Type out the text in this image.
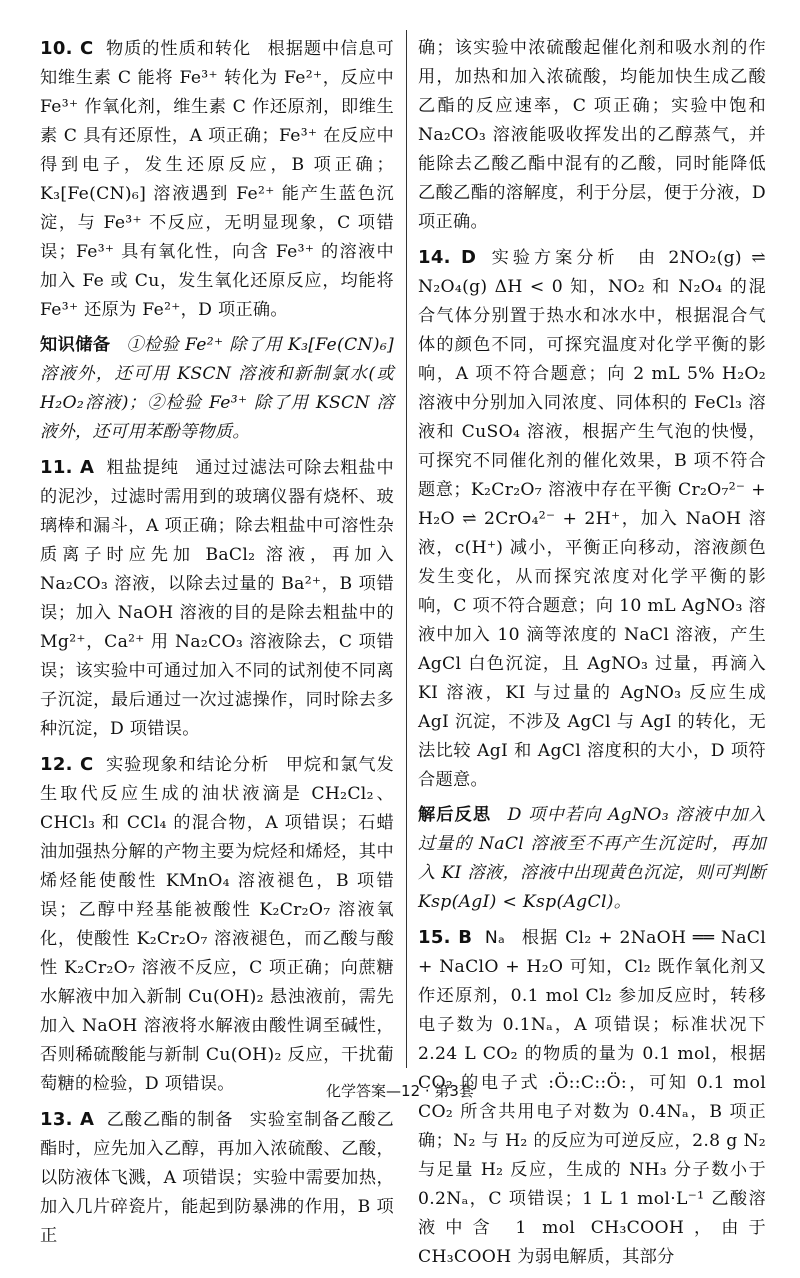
10. C 物质的性质和转化 根据题中信息可知维生素 C 能将 Fe³⁺ 转化为 Fe²⁺，反应中 Fe³⁺ 作氧化剂，维生素 C 作还原剂，即维生素 C 具有还原性，A 项正确；Fe³⁺ 在反应中得到电子，发生还原反应，B 项正确；K₃[Fe(CN)₆] 溶液遇到 Fe²⁺ 能产生蓝色沉淀，与 Fe³⁺ 不反应，无明显现象，C 项错误；Fe³⁺ 具有氧化性，向含 Fe³⁺ 的溶液中加入 Fe 或 Cu，发生氧化还原反应，均能将 Fe³⁺ 还原为 Fe²⁺，D 项正确。

知识储备 ①检验 Fe²⁺ 除了用 K₃[Fe(CN)₆] 溶液外，还可用 KSCN 溶液和新制氯水(或H₂O₂溶液)；②检验 Fe³⁺ 除了用 KSCN 溶液外，还可用苯酚等物质。

11. A 粗盐提纯 通过过滤法可除去粗盐中的泥沙，过滤时需用到的玻璃仪器有烧杯、玻璃棒和漏斗，A 项正确；除去粗盐中可溶性杂质离子时应先加 BaCl₂ 溶液，再加入 Na₂CO₃ 溶液，以除去过量的 Ba²⁺，B 项错误；加入 NaOH 溶液的目的是除去粗盐中的 Mg²⁺，Ca²⁺ 用 Na₂CO₃ 溶液除去，C 项错误；该实验中可通过加入不同的试剂使不同离子沉淀，最后通过一次过滤操作，同时除去多种沉淀，D 项错误。

12. C 实验现象和结论分析 甲烷和氯气发生取代反应生成的油状液滴是 CH₂Cl₂、CHCl₃ 和 CCl₄ 的混合物，A 项错误；石蜡油加强热分解的产物主要为烷烃和烯烃，其中烯烃能使酸性 KMnO₄ 溶液褪色，B 项错误；乙醇中羟基能被酸性 K₂Cr₂O₇ 溶液氧化，使酸性 K₂Cr₂O₇ 溶液褪色，而乙酸与酸性 K₂Cr₂O₇ 溶液不反应，C 项正确；向蔗糖水解液中加入新制 Cu(OH)₂ 悬浊液前，需先加入 NaOH 溶液将水解液由酸性调至碱性，否则稀硫酸能与新制 Cu(OH)₂ 反应，干扰葡萄糖的检验，D 项错误。

13. A 乙酸乙酯的制备 实验室制备乙酸乙酯时，应先加入乙醇，再加入浓硫酸、乙酸，以防液体飞溅，A 项错误；实验中需要加热，加入几片碎瓷片，能起到防暴沸的作用，B 项正

确；该实验中浓硫酸起催化剂和吸水剂的作用，加热和加入浓硫酸，均能加快生成乙酸乙酯的反应速率，C 项正确；实验中饱和 Na₂CO₃ 溶液能吸收挥发出的乙醇蒸气，并能除去乙酸乙酯中混有的乙酸，同时能降低乙酸乙酯的溶解度，利于分层，便于分液，D 项正确。

14. D 实验方案分析 由 2NO₂(g) ⇌ N₂O₄(g) ΔH < 0 知，NO₂ 和 N₂O₄ 的混合气体分别置于热水和冰水中，根据混合气体的颜色不同，可探究温度对化学平衡的影响，A 项不符合题意；向 2 mL 5% H₂O₂ 溶液中分别加入同浓度、同体积的 FeCl₃ 溶液和 CuSO₄ 溶液，根据产生气泡的快慢，可探究不同催化剂的催化效果，B 项不符合题意；K₂Cr₂O₇ 溶液中存在平衡 Cr₂O₇²⁻ + H₂O ⇌ 2CrO₄²⁻ + 2H⁺，加入 NaOH 溶液，c(H⁺) 减小，平衡正向移动，溶液颜色发生变化，从而探究浓度对化学平衡的影响，C 项不符合题意；向 10 mL AgNO₃ 溶液中加入 10 滴等浓度的 NaCl 溶液，产生 AgCl 白色沉淀，且 AgNO₃ 过量，再滴入 KI 溶液，KI 与过量的 AgNO₃ 反应生成 AgI 沉淀，不涉及 AgCl 与 AgI 的转化，无法比较 AgI 和 AgCl 溶度积的大小，D 项符合题意。

解后反思 D 项中若向 AgNO₃ 溶液中加入过量的 NaCl 溶液至不再产生沉淀时，再加入 KI 溶液，溶液中出现黄色沉淀，则可判断 Ksp(AgI) < Ksp(AgCl)。

15. B Nₐ 根据 Cl₂ + 2NaOH ══ NaCl + NaClO + H₂O 可知，Cl₂ 既作氧化剂又作还原剂，0.1 mol Cl₂ 参加反应时，转移电子数为 0.1Nₐ，A 项错误；标准状况下 2.24 L CO₂ 的物质的量为 0.1 mol，根据 CO₂ 的电子式 :Ö::C::Ö:，可知 0.1 mol CO₂ 所含共用电子对数为 0.4Nₐ，B 项正确；N₂ 与 H₂ 的反应为可逆反应，2.8 g N₂ 与足量 H₂ 反应，生成的 NH₃ 分子数小于 0.2Nₐ，C 项错误；1 L 1 mol·L⁻¹ 乙酸溶液中含 1 mol CH₃COOH，由于 CH₃COOH 为弱电解质，其部分

化学答案—12 · 第3套
